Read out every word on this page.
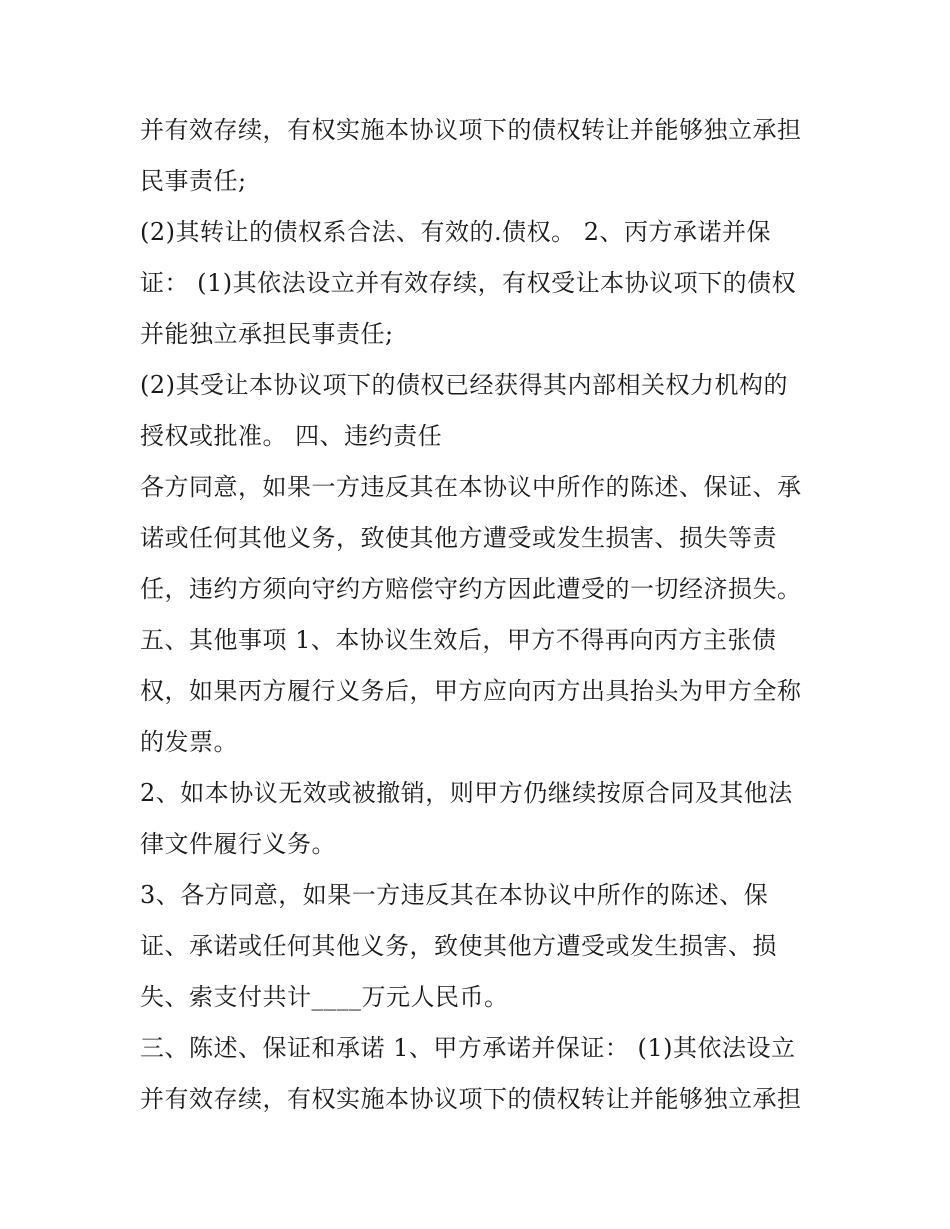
并有效存续，有权实施本协议项下的债权转让并能够独立承担
民事责任;
(2)其转让的债权系合法、有效的.债权。 2、丙方承诺并保
证： (1)其依法设立并有效存续，有权受让本协议项下的债权
并能独立承担民事责任;
(2)其受让本协议项下的债权已经获得其内部相关权力机构的
授权或批准。 四、违约责任
各方同意，如果一方违反其在本协议中所作的陈述、保证、承
诺或任何其他义务，致使其他方遭受或发生损害、损失等责
任，违约方须向守约方赔偿守约方因此遭受的一切经济损失。
五、其他事项 1、本协议生效后，甲方不得再向丙方主张债
权，如果丙方履行义务后，甲方应向丙方出具抬头为甲方全称
的发票。
2、如本协议无效或被撤销，则甲方仍继续按原合同及其他法
律文件履行义务。
3、各方同意，如果一方违反其在本协议中所作的陈述、保
证、承诺或任何其他义务，致使其他方遭受或发生损害、损
失、索支付共计____万元人民币。
三、陈述、保证和承诺 1、甲方承诺并保证： (1)其依法设立
并有效存续，有权实施本协议项下的债权转让并能够独立承担
